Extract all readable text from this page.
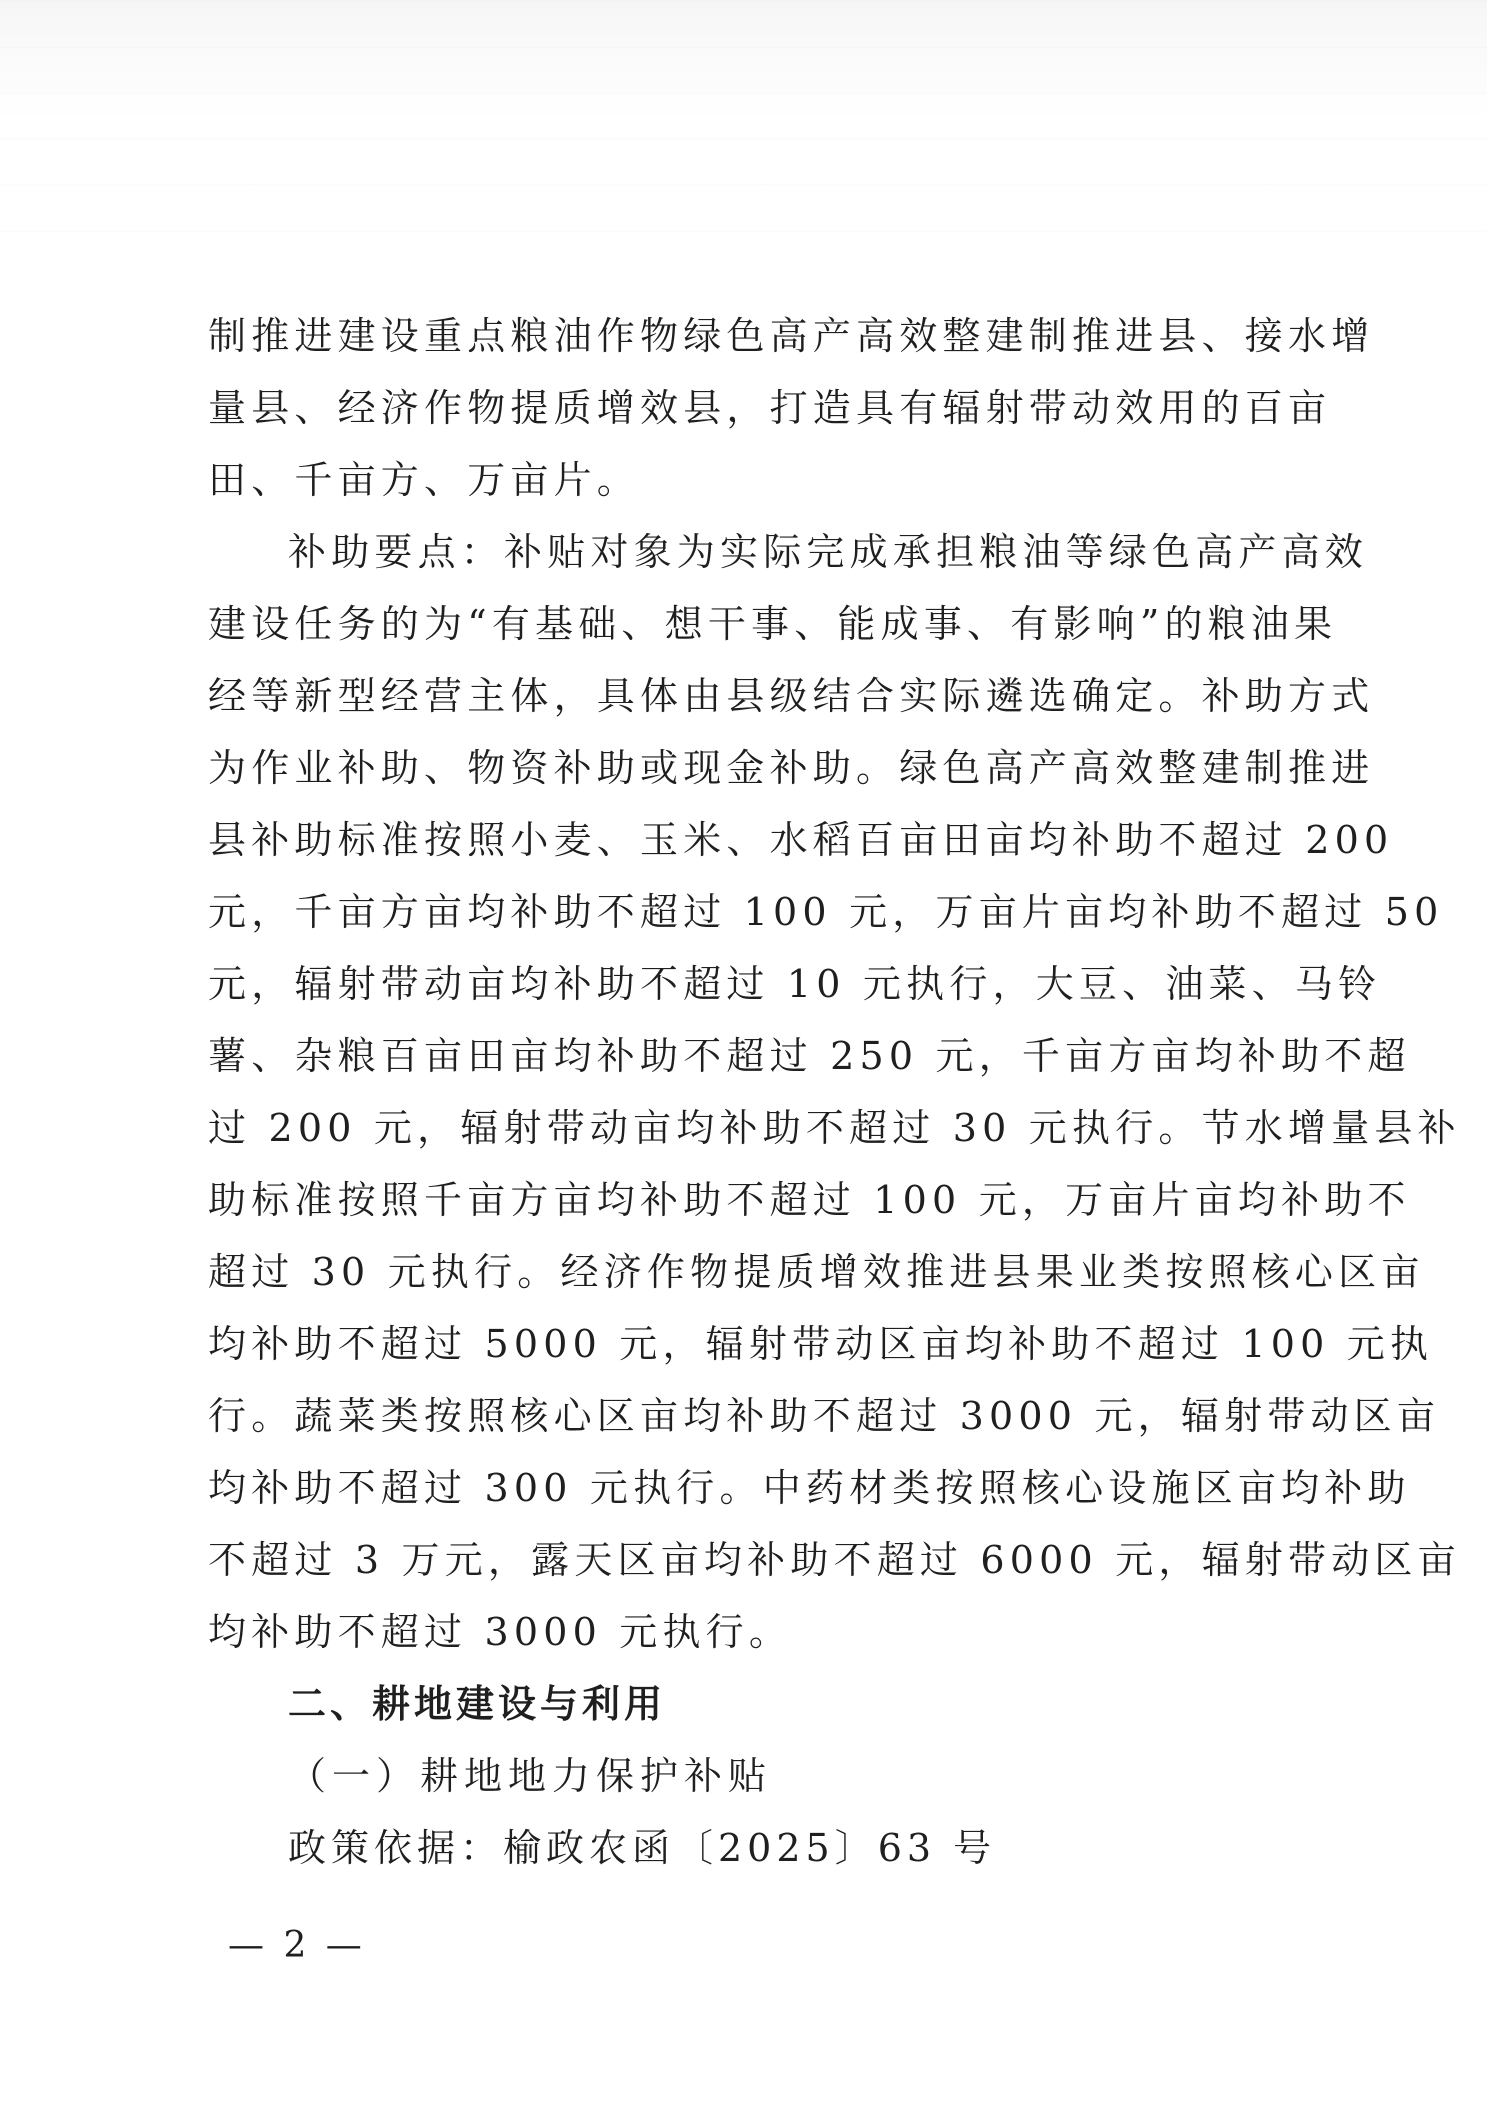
制推进建设重点粮油作物绿色高产高效整建制推进县、接水增
量县、经济作物提质增效县，打造具有辐射带动效用的百亩
田、千亩方、万亩片。
补助要点：补贴对象为实际完成承担粮油等绿色高产高效
建设任务的为“有基础、想干事、能成事、有影响”的粮油果
经等新型经营主体，具体由县级结合实际遴选确定。补助方式
为作业补助、物资补助或现金补助。绿色高产高效整建制推进
县补助标准按照小麦、玉米、水稻百亩田亩均补助不超过 200
元，千亩方亩均补助不超过 100 元，万亩片亩均补助不超过 50
元，辐射带动亩均补助不超过 10 元执行，大豆、油菜、马铃
薯、杂粮百亩田亩均补助不超过 250 元，千亩方亩均补助不超
过 200 元，辐射带动亩均补助不超过 30 元执行。节水增量县补
助标准按照千亩方亩均补助不超过 100 元，万亩片亩均补助不
超过 30 元执行。经济作物提质增效推进县果业类按照核心区亩
均补助不超过 5000 元，辐射带动区亩均补助不超过 100 元执
行。蔬菜类按照核心区亩均补助不超过 3000 元，辐射带动区亩
均补助不超过 300 元执行。中药材类按照核心设施区亩均补助
不超过 3 万元，露天区亩均补助不超过 6000 元，辐射带动区亩
均补助不超过 3000 元执行。
二、耕地建设与利用
（一）耕地地力保护补贴
政策依据：榆政农函〔2025〕63 号
— 2 —
